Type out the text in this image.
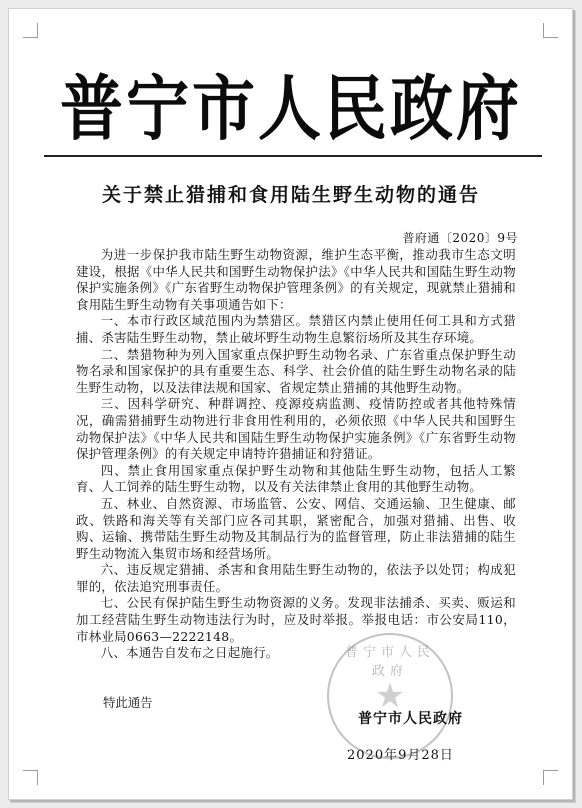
普宁市人民政府
关于禁止猎捕和食用陆生野生动物的通告
普府通〔2020〕9号

为进一步保护我市陆生野生动物资源，维护生态平衡，推动我市生态文明建设，根据《中华人民共和国野生动物保护法》《中华人民共和国陆生野生动物保护实施条例》《广东省野生动物保护管理条例》的有关规定，现就禁止猎捕和食用陆生野生动物有关事项通告如下：

一、本市行政区域范围内为禁猎区。禁猎区内禁止使用任何工具和方式猎捕、杀害陆生野生动物，禁止破坏野生动物生息繁衍场所及其生存环境。

二、禁猎物种为列入国家重点保护野生动物名录、广东省重点保护野生动物名录和国家保护的具有重要生态、科学、社会价值的陆生野生动物名录的陆生野生动物，以及法律法规和国家、省规定禁止猎捕的其他野生动物。

三、因科学研究、种群调控、疫源疫病监测、疫情防控或者其他特殊情况，确需猎捕野生动物进行非食用性利用的，必须依照《中华人民共和国野生动物保护法》《中华人民共和国陆生野生动物保护实施条例》《广东省野生动物保护管理条例》的有关规定申请特许猎捕证和狩猎证。

四、禁止食用国家重点保护野生动物和其他陆生野生动物，包括人工繁育、人工饲养的陆生野生动物，以及有关法律禁止食用的其他野生动物。

五、林业、自然资源、市场监管、公安、网信、交通运输、卫生健康、邮政、铁路和海关等有关部门应各司其职，紧密配合，加强对猎捕、出售、收购、运输、携带陆生野生动物及其制品行为的监督管理，防止非法猎捕的陆生野生动物流入集贸市场和经营场所。

六、违反规定猎捕、杀害和食用陆生野生动物的，依法予以处罚；构成犯罪的，依法追究刑事责任。

七、公民有保护陆生野生动物资源的义务。发现非法捕杀、买卖、贩运和加工经营陆生野生动物违法行为时，应及时举报。举报电话：市公安局110，市林业局0663—2222148。

八、本通告自发布之日起施行。

特此通告
普宁市人民政府
★
普宁市人民政府
2020年9月28日
